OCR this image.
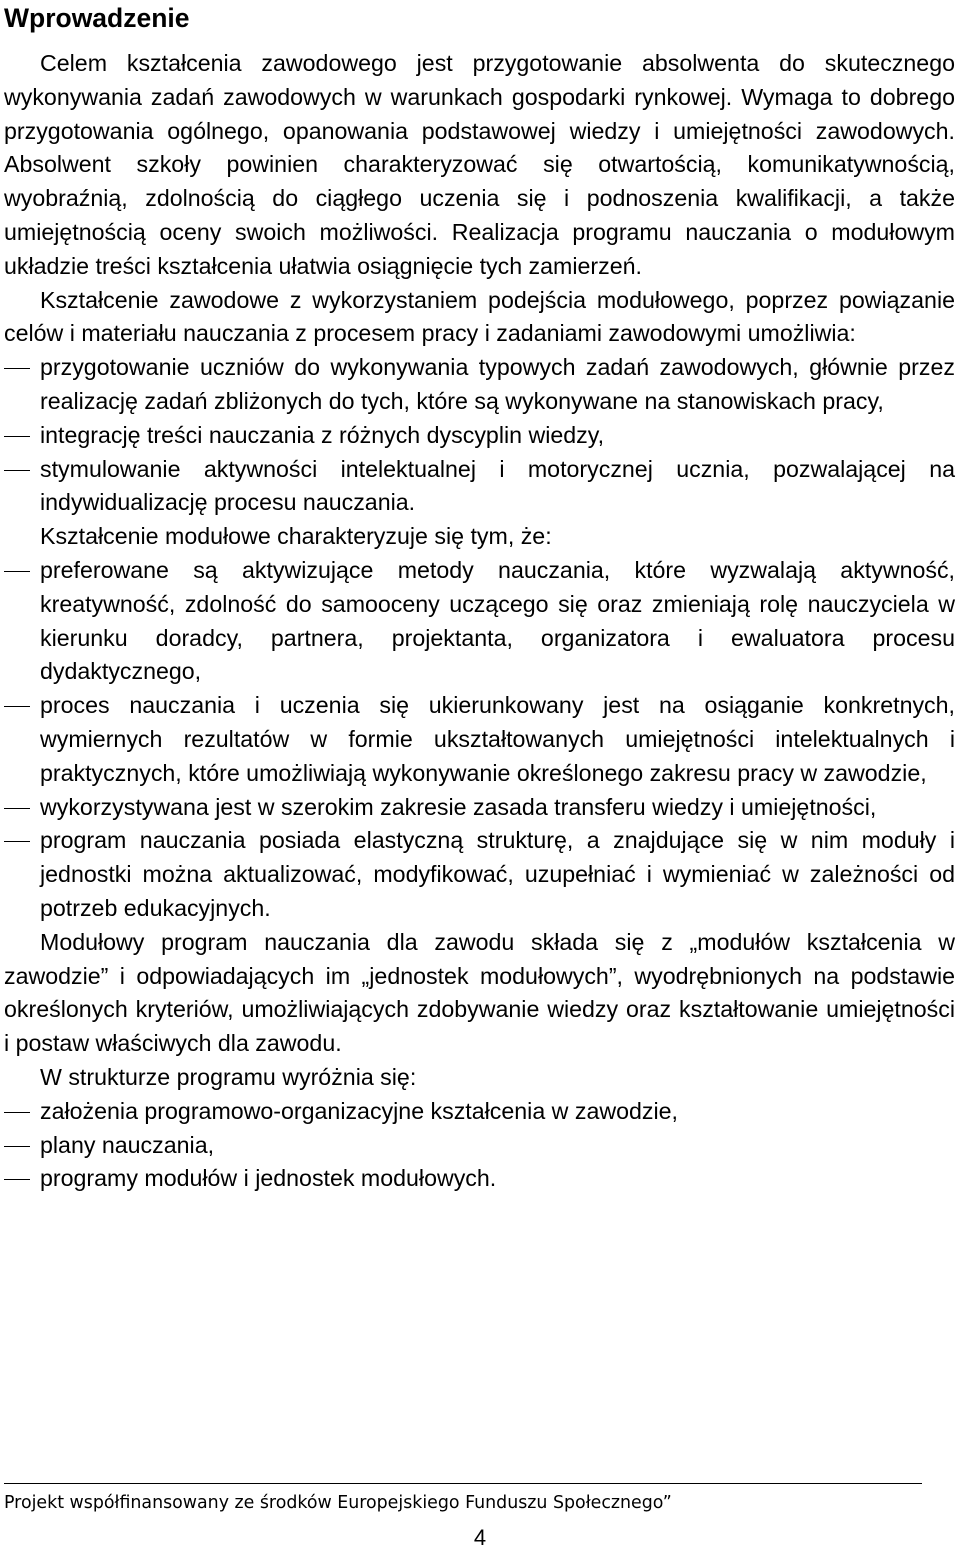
Wprowadzenie

Celem kształcenia zawodowego jest przygotowanie absolwenta do skutecznego wykonywania zadań zawodowych w warunkach gospodarki rynkowej. Wymaga to dobrego przygotowania ogólnego, opanowania podstawowej wiedzy i umiejętności zawodowych. Absolwent szkoły powinien charakteryzować się otwartością, komunikatywnością, wyobraźnią, zdolnością do ciągłego uczenia się i podnoszenia kwalifikacji, a także umiejętnością oceny swoich możliwości. Realizacja programu nauczania o modułowym układzie treści kształcenia ułatwia osiągnięcie tych zamierzeń.

Kształcenie zawodowe z wykorzystaniem podejścia modułowego, poprzez powiązanie celów i materiału nauczania z procesem pracy i zadaniami zawodowymi umożliwia:

przygotowanie uczniów do wykonywania typowych zadań zawodowych, głównie przez realizację zadań zbliżonych do tych, które są wykonywane na stanowiskach pracy,
integrację treści nauczania z różnych dyscyplin wiedzy,
stymulowanie aktywności intelektualnej i motorycznej ucznia, pozwalającej na indywidualizację procesu nauczania.

Kształcenie modułowe charakteryzuje się tym, że:

preferowane są aktywizujące metody nauczania, które wyzwalają aktywność, kreatywność, zdolność do samooceny uczącego się oraz zmieniają rolę nauczyciela w kierunku doradcy, partnera, projektanta, organizatora i ewaluatora procesu dydaktycznego,
proces nauczania i uczenia się ukierunkowany jest na osiąganie konkretnych, wymiernych rezultatów w formie ukształtowanych umiejętności intelektualnych i praktycznych, które umożliwiają wykonywanie określonego zakresu pracy w zawodzie,
wykorzystywana jest w szerokim zakresie zasada transferu wiedzy i umiejętności,
program nauczania posiada elastyczną strukturę, a znajdujące się w nim moduły i jednostki można aktualizować, modyfikować, uzupełniać i wymieniać w zależności od potrzeb edukacyjnych.

Modułowy program nauczania dla zawodu składa się z „modułów kształcenia w zawodzie” i odpowiadających im „jednostek modułowych”, wyodrębnionych na podstawie określonych kryteriów, umożliwiających zdobywanie wiedzy oraz kształtowanie umiejętności i postaw właściwych dla zawodu.

W strukturze programu wyróżnia się:

założenia programowo-organizacyjne kształcenia w zawodzie,
plany nauczania,
programy modułów i jednostek modułowych.
Projekt współfinansowany ze środków Europejskiego Funduszu Społecznego”
4
